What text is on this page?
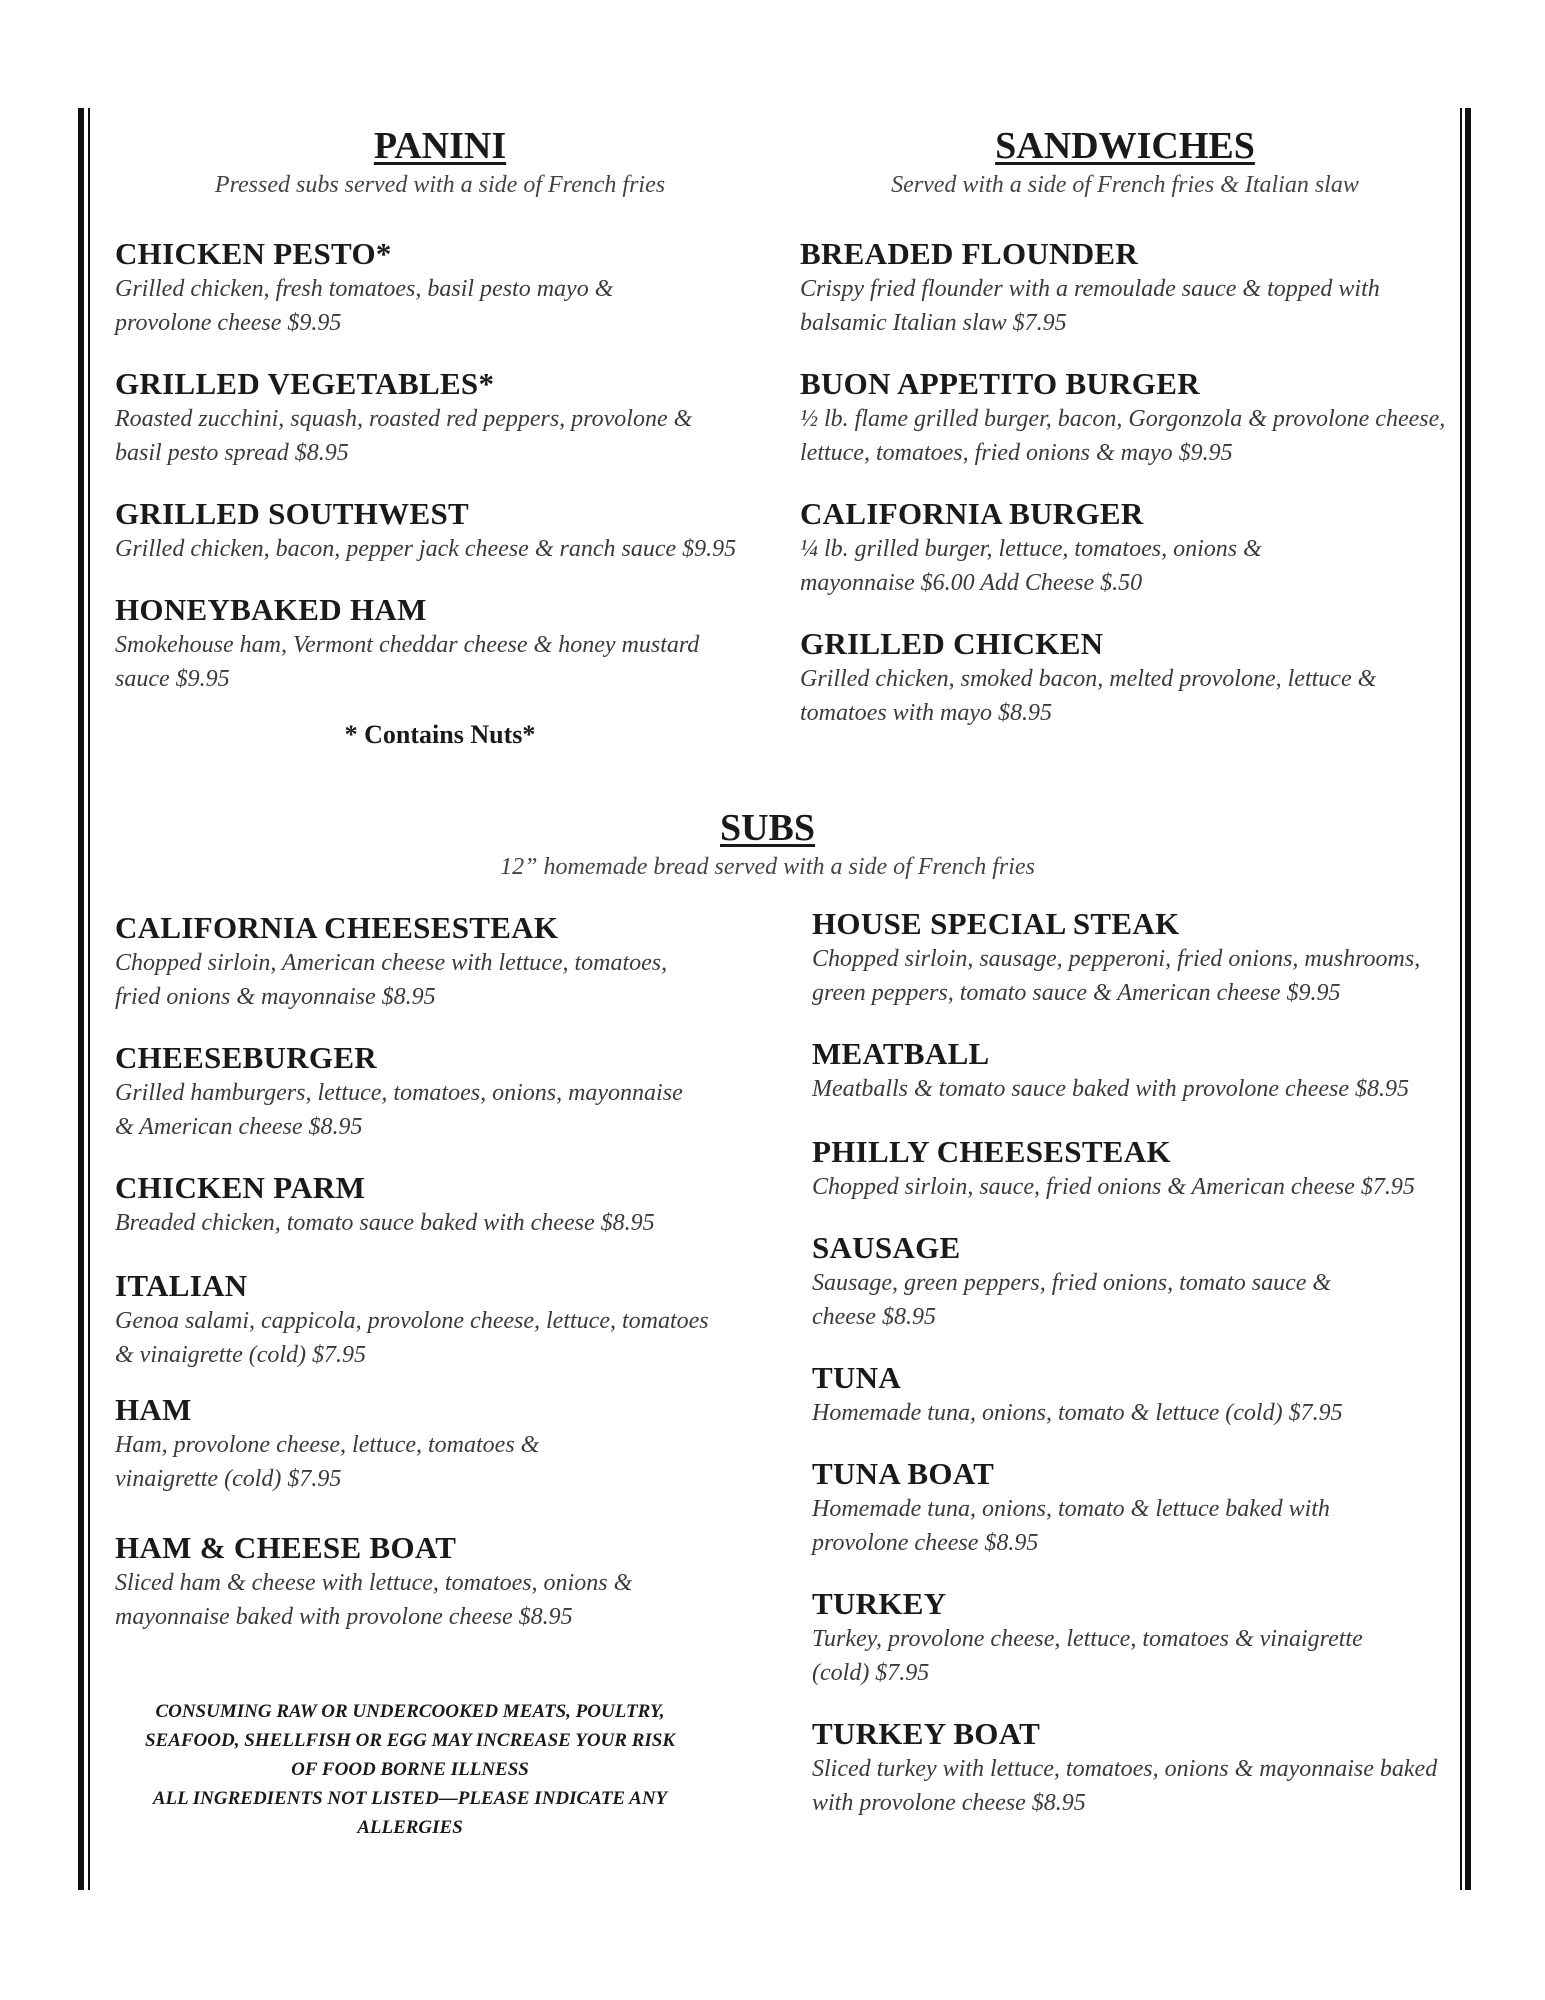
PANINI
Pressed subs served with a side of French fries
CHICKEN PESTO*
Grilled chicken, fresh tomatoes, basil pesto mayo & provolone cheese $9.95
GRILLED VEGETABLES*
Roasted zucchini, squash, roasted red peppers, provolone & basil pesto spread $8.95
GRILLED SOUTHWEST
Grilled chicken, bacon, pepper jack cheese & ranch sauce $9.95
HONEYBAKED HAM
Smokehouse ham, Vermont cheddar cheese & honey mustard sauce $9.95
* Contains Nuts*
SANDWICHES
Served with a side of French fries & Italian slaw
BREADED FLOUNDER
Crispy fried flounder with a remoulade sauce & topped with balsamic Italian slaw $7.95
BUON APPETITO BURGER
½ lb. flame grilled burger, bacon, Gorgonzola & provolone cheese, lettuce, tomatoes, fried onions & mayo $9.95
CALIFORNIA BURGER
¼ lb. grilled burger, lettuce, tomatoes, onions & mayonnaise $6.00 Add Cheese $.50
GRILLED CHICKEN
Grilled chicken, smoked bacon, melted provolone, lettuce & tomatoes with mayo $8.95
SUBS
12” homemade bread served with a side of French fries
CALIFORNIA CHEESESTEAK
Chopped sirloin, American cheese with lettuce, tomatoes, fried onions & mayonnaise $8.95
CHEESEBURGER
Grilled hamburgers, lettuce, tomatoes, onions, mayonnaise & American cheese $8.95
CHICKEN PARM
Breaded chicken, tomato sauce baked with cheese $8.95
ITALIAN
Genoa salami, cappicola, provolone cheese, lettuce, tomatoes & vinaigrette (cold) $7.95
HAM
Ham, provolone cheese, lettuce, tomatoes & vinaigrette (cold) $7.95
HAM & CHEESE BOAT
Sliced ham & cheese with lettuce, tomatoes, onions & mayonnaise baked with provolone cheese $8.95
HOUSE SPECIAL STEAK
Chopped sirloin, sausage, pepperoni, fried onions, mushrooms, green peppers, tomato sauce & American cheese $9.95
MEATBALL
Meatballs & tomato sauce baked with provolone cheese $8.95
PHILLY CHEESESTEAK
Chopped sirloin, sauce, fried onions & American cheese $7.95
SAUSAGE
Sausage, green peppers, fried onions, tomato sauce & cheese $8.95
TUNA
Homemade tuna, onions, tomato & lettuce (cold) $7.95
TUNA BOAT
Homemade tuna, onions, tomato & lettuce baked with provolone cheese $8.95
TURKEY
Turkey, provolone cheese, lettuce, tomatoes & vinaigrette (cold) $7.95
TURKEY BOAT
Sliced turkey with lettuce, tomatoes, onions & mayonnaise baked with provolone cheese $8.95
CONSUMING RAW OR UNDERCOOKED MEATS, POULTRY,
SEAFOOD, SHELLFISH OR EGG MAY INCREASE YOUR RISK
OF FOOD BORNE ILLNESS
ALL INGREDIENTS NOT LISTED—PLEASE INDICATE ANY
ALLERGIES
